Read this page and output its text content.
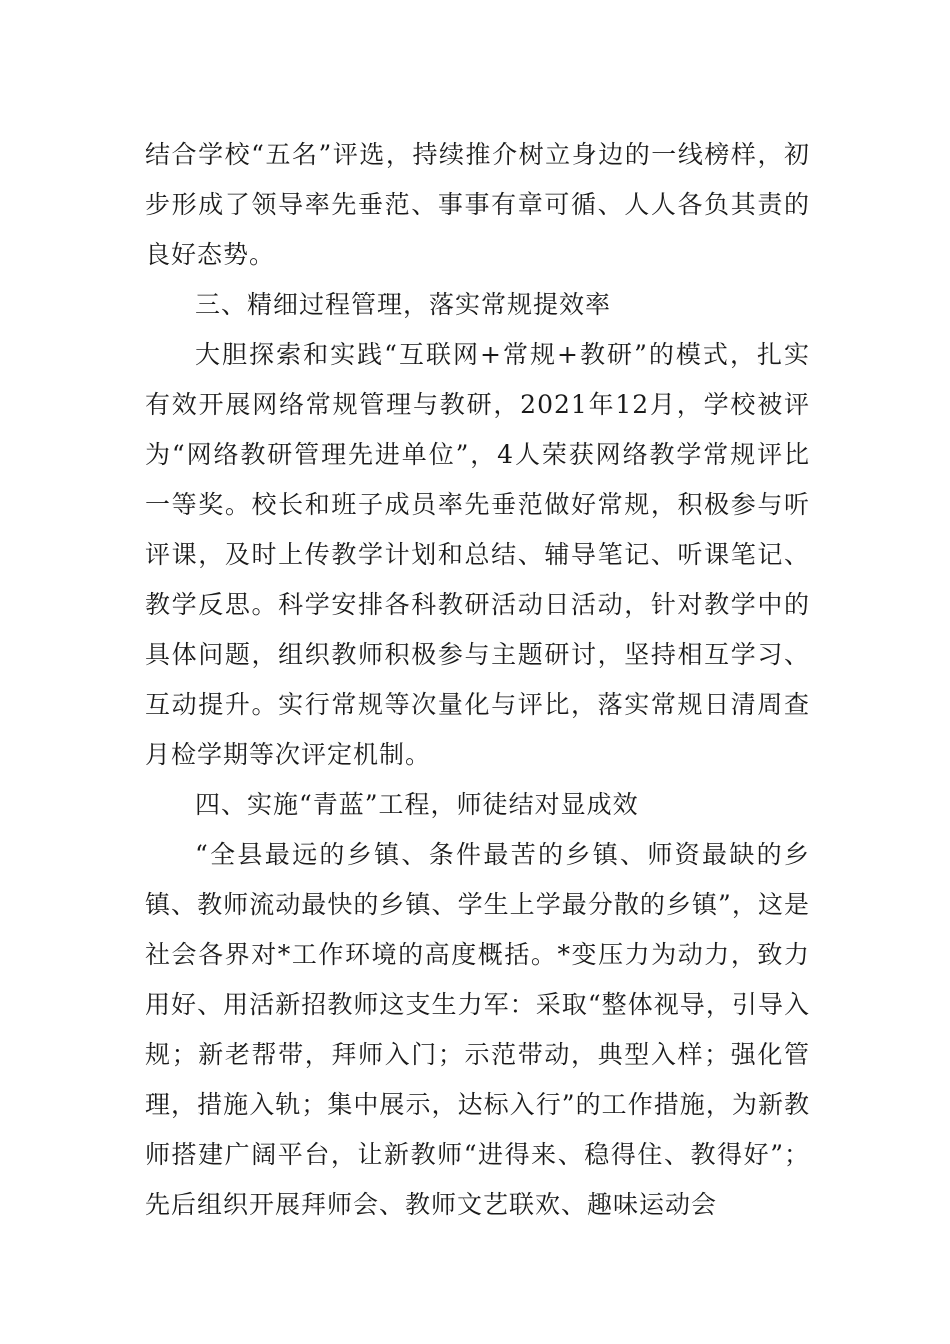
结合学校“五名”评选，持续推介树立身边的一线榜样，初步形成了领导率先垂范、事事有章可循、人人各负其责的良好态势。

三、精细过程管理，落实常规提效率

大胆探索和实践“互联网+常规+教研”的模式，扎实有效开展网络常规管理与教研，2021年12月，学校被评为“网络教研管理先进单位”，4人荣获网络教学常规评比一等奖。校长和班子成员率先垂范做好常规，积极参与听评课，及时上传教学计划和总结、辅导笔记、听课笔记、教学反思。科学安排各科教研活动日活动，针对教学中的具体问题，组织教师积极参与主题研讨，坚持相互学习、互动提升。实行常规等次量化与评比，落实常规日清周查月检学期等次评定机制。

四、实施“青蓝”工程，师徒结对显成效

“全县最远的乡镇、条件最苦的乡镇、师资最缺的乡镇、教师流动最快的乡镇、学生上学最分散的乡镇”，这是社会各界对*工作环境的高度概括。*变压力为动力，致力用好、用活新招教师这支生力军：采取“整体视导，引导入规；新老帮带，拜师入门；示范带动，典型入样；强化管理，措施入轨；集中展示，达标入行”的工作措施，为新教师搭建广阔平台，让新教师“进得来、稳得住、教得好”；先后组织开展拜师会、教师文艺联欢、趣味运动会
